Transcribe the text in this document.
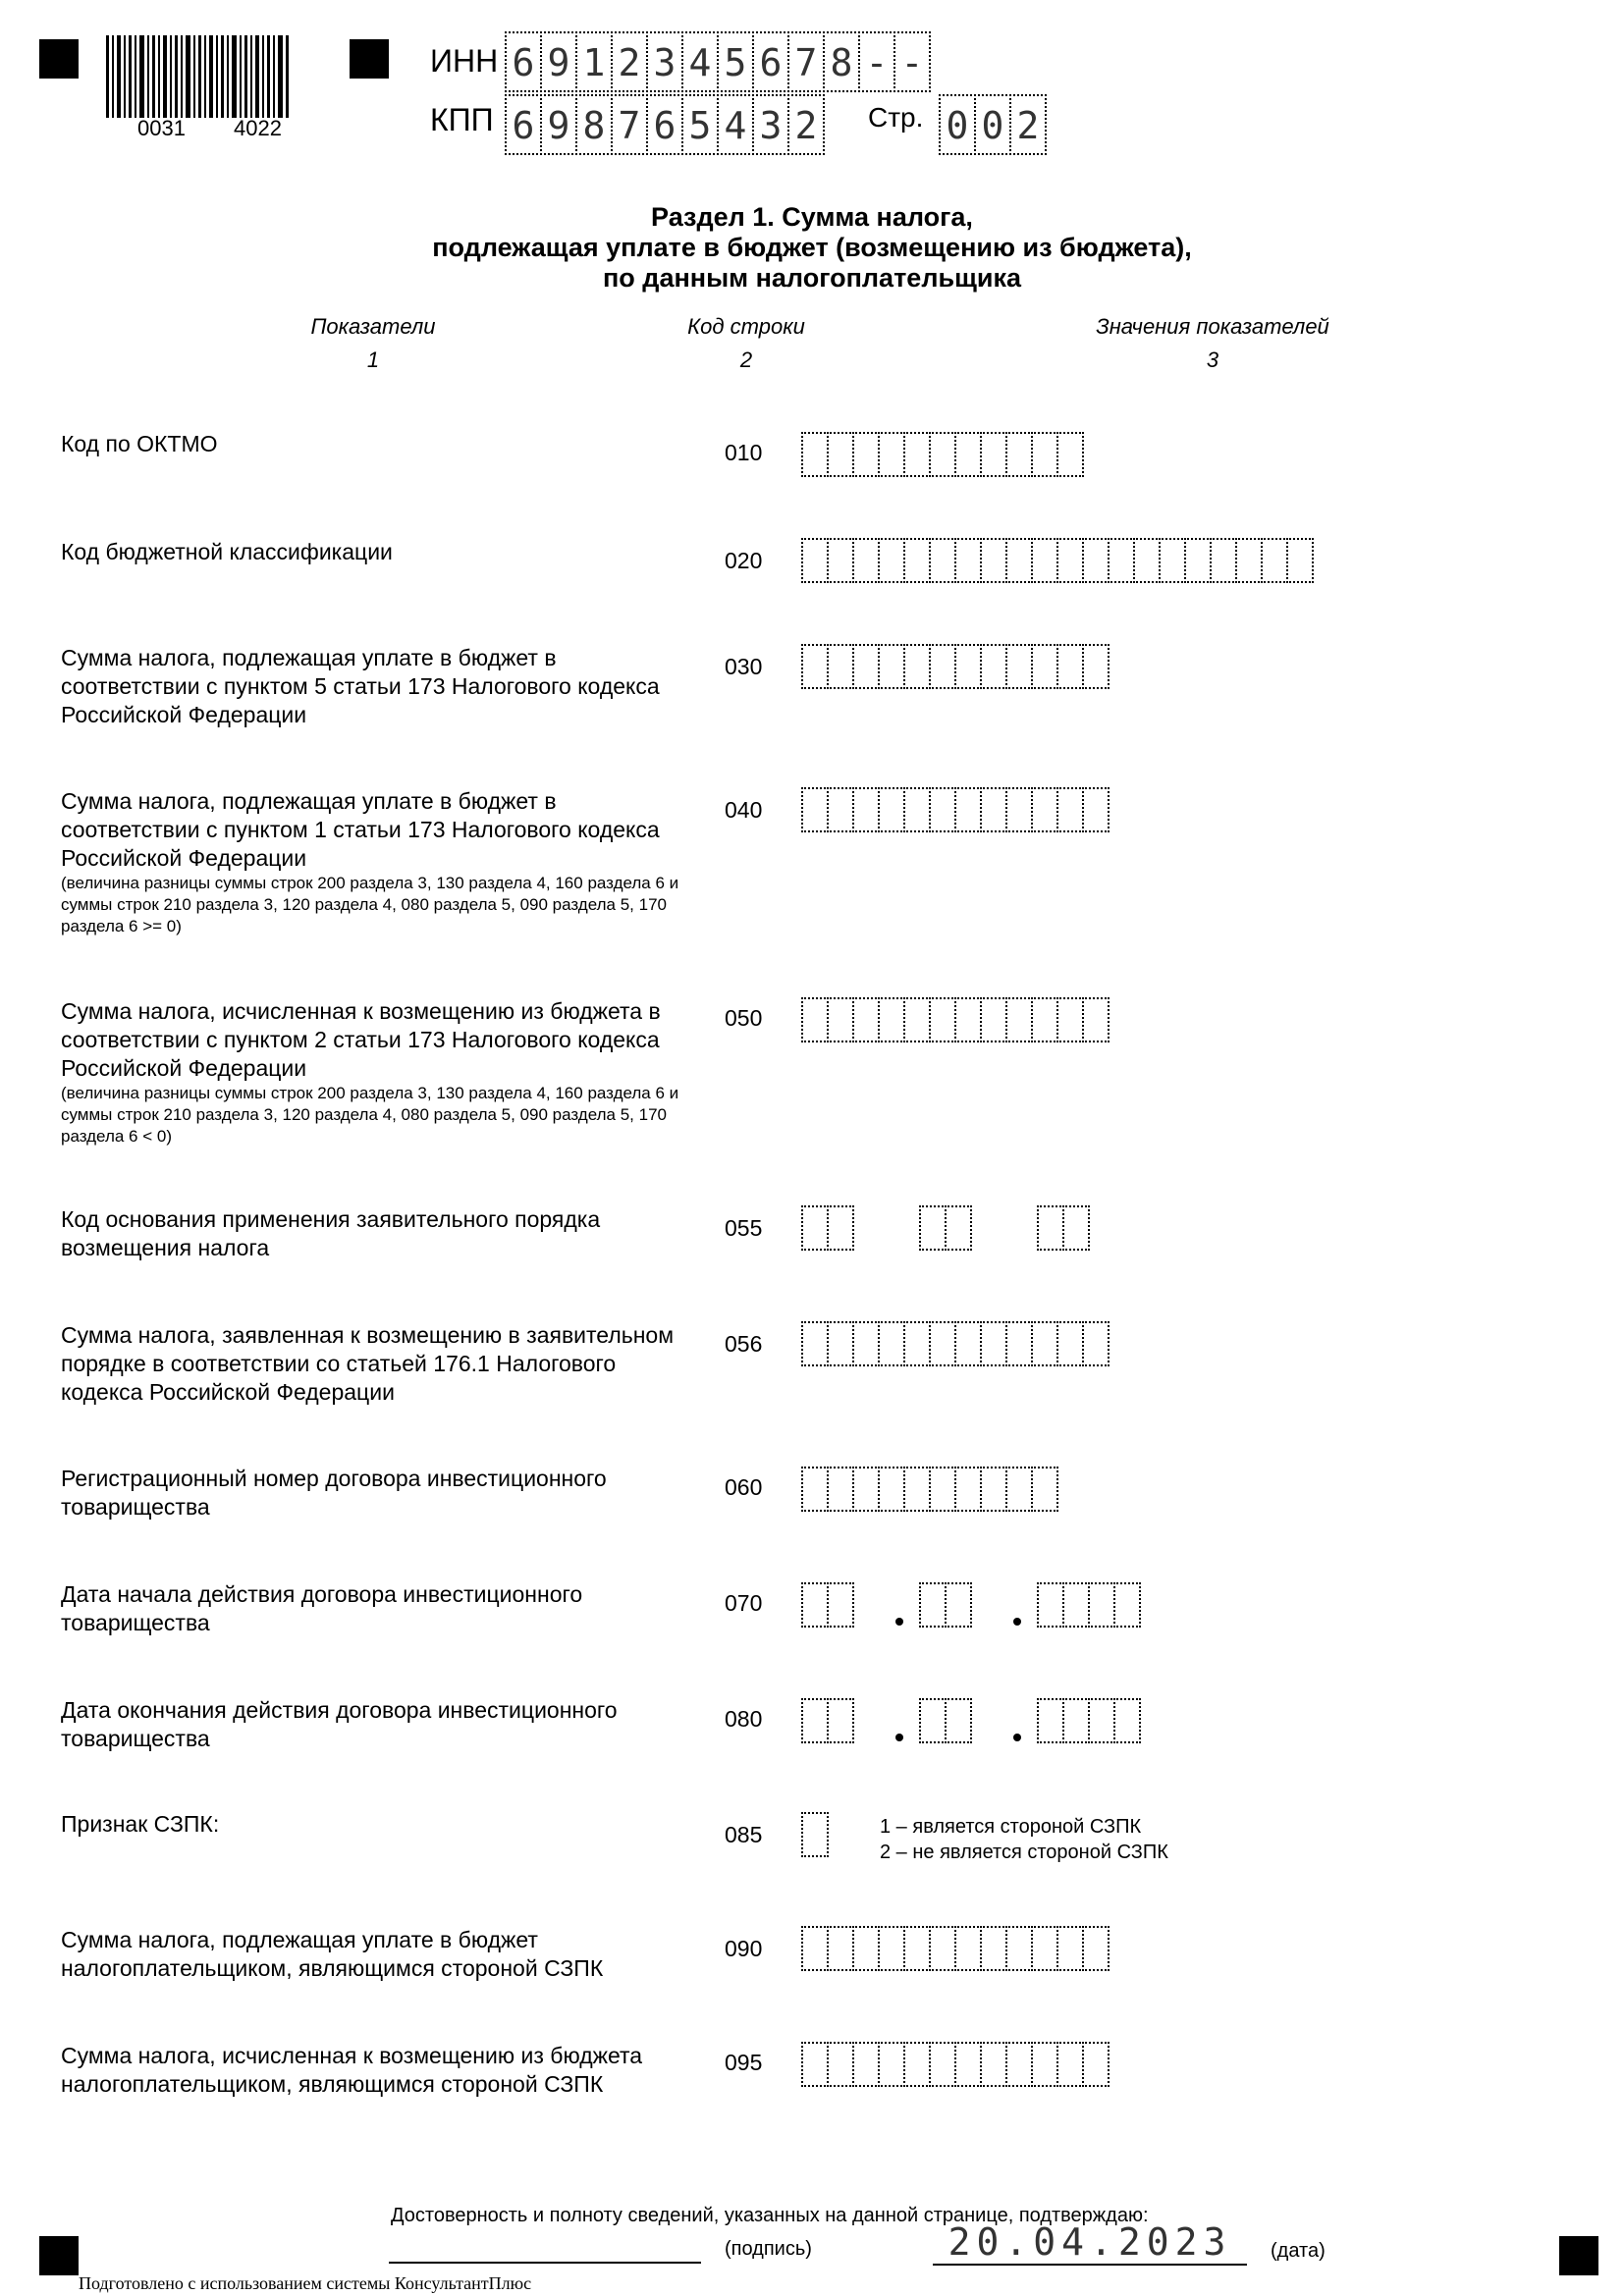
0031 4022
ИНН 6 9 1 2 3 4 5 6 7 8 - -
КПП 6 9 8 7 6 5 4 3 2 Стр. 0 0 2
Раздел 1. Сумма налога,
подлежащая уплате в бюджет (возмещению из бюджета),
по данным налогоплательщика
Показатели
1
Код строки
2
Значения показателей
3
Код по ОКТМО	010
Код бюджетной классификации	020
Сумма налога, подлежащая уплате в бюджет в соответствии с пунктом 5 статьи 173 Налогового кодекса Российской Федерации
030
Сумма налога, подлежащая уплате в бюджет в соответствии с пунктом 1 статьи 173 Налогового кодекса Российской Федерации
(величина разницы суммы строк 200 раздела 3, 130 раздела 4, 160 раздела 6 и суммы строк 210 раздела 3, 120 раздела 4, 080 раздела 5, 090 раздела 5, 170 раздела 6 >= 0)
040
Сумма налога, исчисленная к возмещению из бюджета в соответствии с пунктом 2 статьи 173 Налогового кодекса Российской Федерации
(величина разницы суммы строк 200 раздела 3, 130 раздела 4, 160 раздела 6 и суммы строк 210 раздела 3, 120 раздела 4, 080 раздела 5, 090 раздела 5, 170 раздела 6 < 0)
050
Код основания применения заявительного порядка возмещения налога
055
Сумма налога, заявленная к возмещению в заявительном порядке в соответствии со статьей 176.1 Налогового кодекса Российской Федерации
056
Регистрационный номер договора инвестиционного товарищества
060
Дата начала действия договора инвестиционного товарищества
070
Дата окончания действия договора инвестиционного товарищества
080
Признак СЗПК:	085	1 – является стороной СЗПК
2 – не является стороной СЗПК
Сумма налога, подлежащая уплате в бюджет налогоплательщиком, являющимся стороной СЗПК
090
Сумма налога, исчисленная к возмещению из бюджета налогоплательщиком, являющимся стороной СЗПК
095
Достоверность и полноту сведений, указанных на данной странице, подтверждаю:
(подпись)	20.04.2023	(дата)
Подготовлено с использованием системы КонсультантПлюс
